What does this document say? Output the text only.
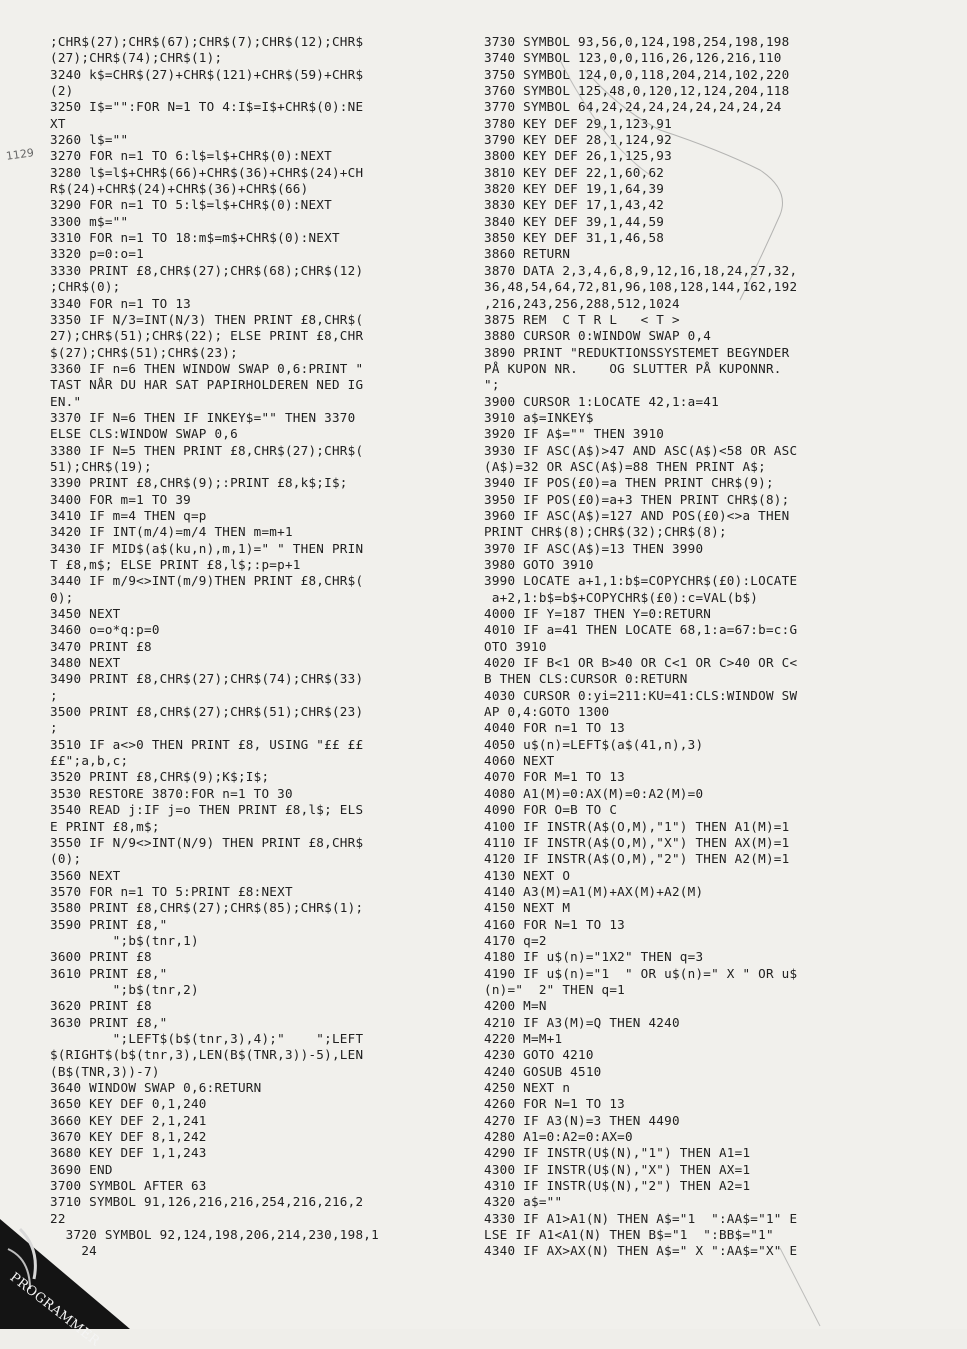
1129
;CHR$(27);CHR$(67);CHR$(7);CHR$(12);CHR$
(27);CHR$(74);CHR$(1);
3240 k$=CHR$(27)+CHR$(121)+CHR$(59)+CHR$
(2)
3250 I$="":FOR N=1 TO 4:I$=I$+CHR$(0):NE
XT
3260 l$=""
3270 FOR n=1 TO 6:l$=l$+CHR$(0):NEXT
3280 l$=l$+CHR$(66)+CHR$(36)+CHR$(24)+CH
R$(24)+CHR$(24)+CHR$(36)+CHR$(66)
3290 FOR n=1 TO 5:l$=l$+CHR$(0):NEXT
3300 m$=""
3310 FOR n=1 TO 18:m$=m$+CHR$(0):NEXT
3320 p=0:o=1
3330 PRINT £8,CHR$(27);CHR$(68);CHR$(12)
;CHR$(0);
3340 FOR n=1 TO 13
3350 IF N/3=INT(N/3) THEN PRINT £8,CHR$(
27);CHR$(51);CHR$(22); ELSE PRINT £8,CHR
$(27);CHR$(51);CHR$(23);
3360 IF n=6 THEN WINDOW SWAP 0,6:PRINT "
TAST NÅR DU HAR SAT PAPIRHOLDEREN NED IG
EN."
3370 IF N=6 THEN IF INKEY$="" THEN 3370
ELSE CLS:WINDOW SWAP 0,6
3380 IF N=5 THEN PRINT £8,CHR$(27);CHR$(
51);CHR$(19);
3390 PRINT £8,CHR$(9);:PRINT £8,k$;I$;
3400 FOR m=1 TO 39
3410 IF m=4 THEN q=p
3420 IF INT(m/4)=m/4 THEN m=m+1
3430 IF MID$(a$(ku,n),m,1)=" " THEN PRIN
T £8,m$; ELSE PRINT £8,l$;:p=p+1
3440 IF m/9<>INT(m/9)THEN PRINT £8,CHR$(
0);
3450 NEXT
3460 o=o*q:p=0
3470 PRINT £8
3480 NEXT
3490 PRINT £8,CHR$(27);CHR$(74);CHR$(33)
;
3500 PRINT £8,CHR$(27);CHR$(51);CHR$(23)
;
3510 IF a<>0 THEN PRINT £8, USING "££ ££
££";a,b,c;
3520 PRINT £8,CHR$(9);K$;I$;
3530 RESTORE 3870:FOR n=1 TO 30
3540 READ j:IF j=o THEN PRINT £8,l$; ELS
E PRINT £8,m$;
3550 IF N/9<>INT(N/9) THEN PRINT £8,CHR$
(0);
3560 NEXT
3570 FOR n=1 TO 5:PRINT £8:NEXT
3580 PRINT £8,CHR$(27);CHR$(85);CHR$(1);
3590 PRINT £8,"
";b$(tnr,1)
3600 PRINT £8
3610 PRINT £8,"
";b$(tnr,2)
3620 PRINT £8
3630 PRINT £8,"
";LEFT$(b$(tnr,3),4);"    ";LEFT
$(RIGHT$(b$(tnr,3),LEN(B$(TNR,3))-5),LEN
(B$(TNR,3))-7)
3640 WINDOW SWAP 0,6:RETURN
3650 KEY DEF 0,1,240
3660 KEY DEF 2,1,241
3670 KEY DEF 8,1,242
3680 KEY DEF 1,1,243
3690 END
3700 SYMBOL AFTER 63
3710 SYMBOL 91,126,216,216,254,216,216,2
22
3720 SYMBOL 92,124,198,206,214,230,198,1
24
3730 SYMBOL 93,56,0,124,198,254,198,198
3740 SYMBOL 123,0,0,116,26,126,216,110
3750 SYMBOL 124,0,0,118,204,214,102,220
3760 SYMBOL 125,48,0,120,12,124,204,118
3770 SYMBOL 64,24,24,24,24,24,24,24,24
3780 KEY DEF 29,1,123,91
3790 KEY DEF 28,1,124,92
3800 KEY DEF 26,1,125,93
3810 KEY DEF 22,1,60,62
3820 KEY DEF 19,1,64,39
3830 KEY DEF 17,1,43,42
3840 KEY DEF 39,1,44,59
3850 KEY DEF 31,1,46,58
3860 RETURN
3870 DATA 2,3,4,6,8,9,12,16,18,24,27,32,
36,48,54,64,72,81,96,108,128,144,162,192
,216,243,256,288,512,1024
3875 REM  C T R L   < T >
3880 CURSOR 0:WINDOW SWAP 0,4
3890 PRINT "REDUKTIONSSYSTEMET BEGYNDER
PÅ KUPON NR.    OG SLUTTER PÅ KUPONNR.
";
3900 CURSOR 1:LOCATE 42,1:a=41
3910 a$=INKEY$
3920 IF A$="" THEN 3910
3930 IF ASC(A$)>47 AND ASC(A$)<58 OR ASC
(A$)=32 OR ASC(A$)=88 THEN PRINT A$;
3940 IF POS(£0)=a THEN PRINT CHR$(9);
3950 IF POS(£0)=a+3 THEN PRINT CHR$(8);
3960 IF ASC(A$)=127 AND POS(£0)<>a THEN
PRINT CHR$(8);CHR$(32);CHR$(8);
3970 IF ASC(A$)=13 THEN 3990
3980 GOTO 3910
3990 LOCATE a+1,1:b$=COPYCHR$(£0):LOCATE
a+2,1:b$=b$+COPYCHR$(£0):c=VAL(b$)
4000 IF Y=187 THEN Y=0:RETURN
4010 IF a=41 THEN LOCATE 68,1:a=67:b=c:G
OTO 3910
4020 IF B<1 OR B>40 OR C<1 OR C>40 OR C<
B THEN CLS:CURSOR 0:RETURN
4030 CURSOR 0:yi=211:KU=41:CLS:WINDOW SW
AP 0,4:GOTO 1300
4040 FOR n=1 TO 13
4050 u$(n)=LEFT$(a$(41,n),3)
4060 NEXT
4070 FOR M=1 TO 13
4080 A1(M)=0:AX(M)=0:A2(M)=0
4090 FOR O=B TO C
4100 IF INSTR(A$(O,M),"1") THEN A1(M)=1
4110 IF INSTR(A$(O,M),"X") THEN AX(M)=1
4120 IF INSTR(A$(O,M),"2") THEN A2(M)=1
4130 NEXT O
4140 A3(M)=A1(M)+AX(M)+A2(M)
4150 NEXT M
4160 FOR N=1 TO 13
4170 q=2
4180 IF u$(n)="1X2" THEN q=3
4190 IF u$(n)="1  " OR u$(n)=" X " OR u$
(n)="  2" THEN q=1
4200 M=N
4210 IF A3(M)=Q THEN 4240
4220 M=M+1
4230 GOTO 4210
4240 GOSUB 4510
4250 NEXT n
4260 FOR N=1 TO 13
4270 IF A3(N)=3 THEN 4490
4280 A1=0:A2=0:AX=0
4290 IF INSTR(U$(N),"1") THEN A1=1
4300 IF INSTR(U$(N),"X") THEN AX=1
4310 IF INSTR(U$(N),"2") THEN A2=1
4320 a$=""
4330 IF A1>A1(N) THEN A$="1  ":AA$="1" E
LSE IF A1<A1(N) THEN B$="1  ":BB$="1"
4340 IF AX>AX(N) THEN A$=" X ":AA$="X" E
PROGRAMMER
